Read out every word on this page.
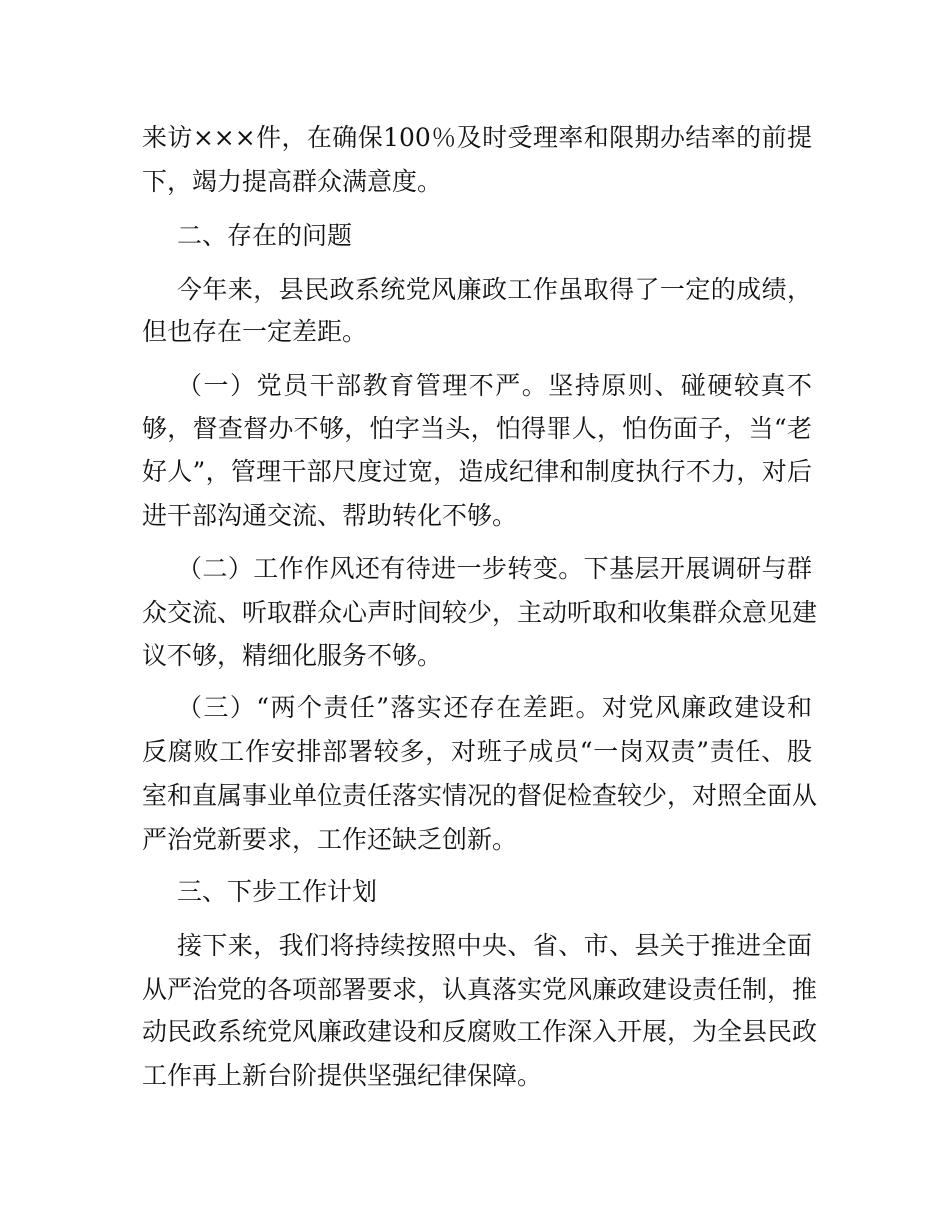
来访×××件，在确保100％及时受理率和限期办结率的前提
下，竭力提高群众满意度。
二、存在的问题
今年来，县民政系统党风廉政工作虽取得了一定的成绩，
但也存在一定差距。
（一）党员干部教育管理不严。坚持原则、碰硬较真不
够，督查督办不够，怕字当头，怕得罪人，怕伤面子，当“老
好人”，管理干部尺度过宽，造成纪律和制度执行不力，对后
进干部沟通交流、帮助转化不够。
（二）工作作风还有待进一步转变。下基层开展调研与群
众交流、听取群众心声时间较少，主动听取和收集群众意见建
议不够，精细化服务不够。
（三）“两个责任”落实还存在差距。对党风廉政建设和
反腐败工作安排部署较多，对班子成员“一岗双责”责任、股
室和直属事业单位责任落实情况的督促检查较少，对照全面从
严治党新要求，工作还缺乏创新。
三、下步工作计划
接下来，我们将持续按照中央、省、市、县关于推进全面
从严治党的各项部署要求，认真落实党风廉政建设责任制，推
动民政系统党风廉政建设和反腐败工作深入开展，为全县民政
工作再上新台阶提供坚强纪律保障。
